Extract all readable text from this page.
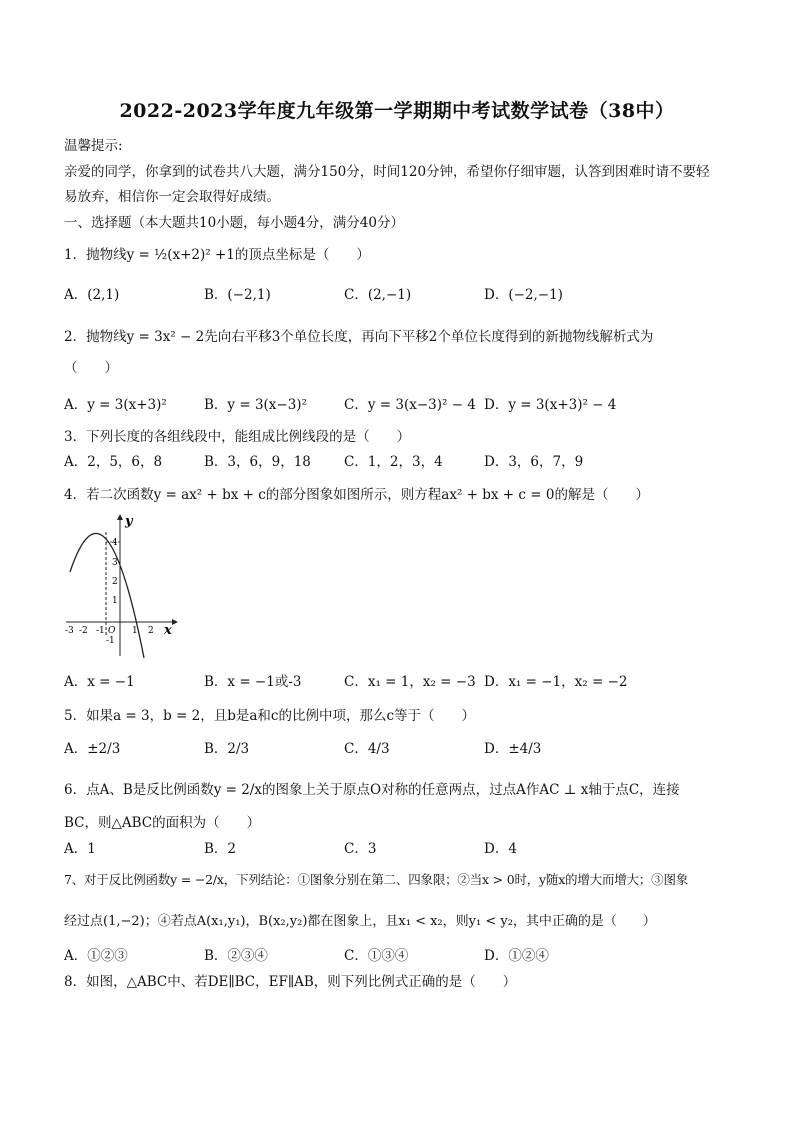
2022-2023学年度九年级第一学期期中考试数学试卷（38中）
温馨提示:
亲爱的同学，你拿到的试卷共八大题，满分150分，时间120分钟，希望你仔细审题，认答到困难时请不要轻
易放弃，相信你一定会取得好成绩。
一、选择题（本大题共10小题，每小题4分，满分40分）
1．抛物线y = ½(x+2)² +1的顶点坐标是（　　）
A．(2,1)	B．(−2,1)	C．(2,−1)	D．(−2,−1)
2．抛物线y = 3x² − 2先向右平移3个单位长度，再向下平移2个单位长度得到的新抛物线解析式为
（　　）
A．y = 3(x+3)²	B．y = 3(x−3)²	C．y = 3(x−3)² − 4 D．y = 3(x+3)² − 4
3．下列长度的各组线段中，能组成比例线段的是（　　）
A．2，5，6，8	B．3，6，9，18 C．1，2，3，4	D．3，6，7，9
4．若二次函数y = ax² + bx + c的部分图象如图所示，则方程ax² + bx + c = 0的解是（　　）
-3 -2 -1 O 1 2 x
y
4
3
2
1
-1
A．x = −1	B．x = −1或-3	C．x₁ = 1，x₂ = −3 D．x₁ = −1，x₂ = −2
5．如果a = 3，b = 2，且b是a和c的比例中项，那么c等于（　　）
A．±2/3	B．2/3	C．4/3	D．±4/3
6．点A、B是反比例函数y = 2/x的图象上关于原点O对称的任意两点，过点A作AC ⊥ x轴于点C，连接
BC，则△ABC的面积为（　　）
A．1	B．2	C．3	D．4
7、对于反比例函数y = −2/x，下列结论：①图象分别在第二、四象限；②当x > 0时，y随x的增大而增大；③图象
经过点(1,−2)；④若点A(x₁,y₁)，B(x₂,y₂)都在图象上，且x₁ < x₂，则y₁ < y₂，其中正确的是（　　）
A．①②③	B．②③④	C．①③④	D．①②④
8．如图，△ABC中、若DE∥BC，EF∥AB，则下列比例式正确的是（　　）
